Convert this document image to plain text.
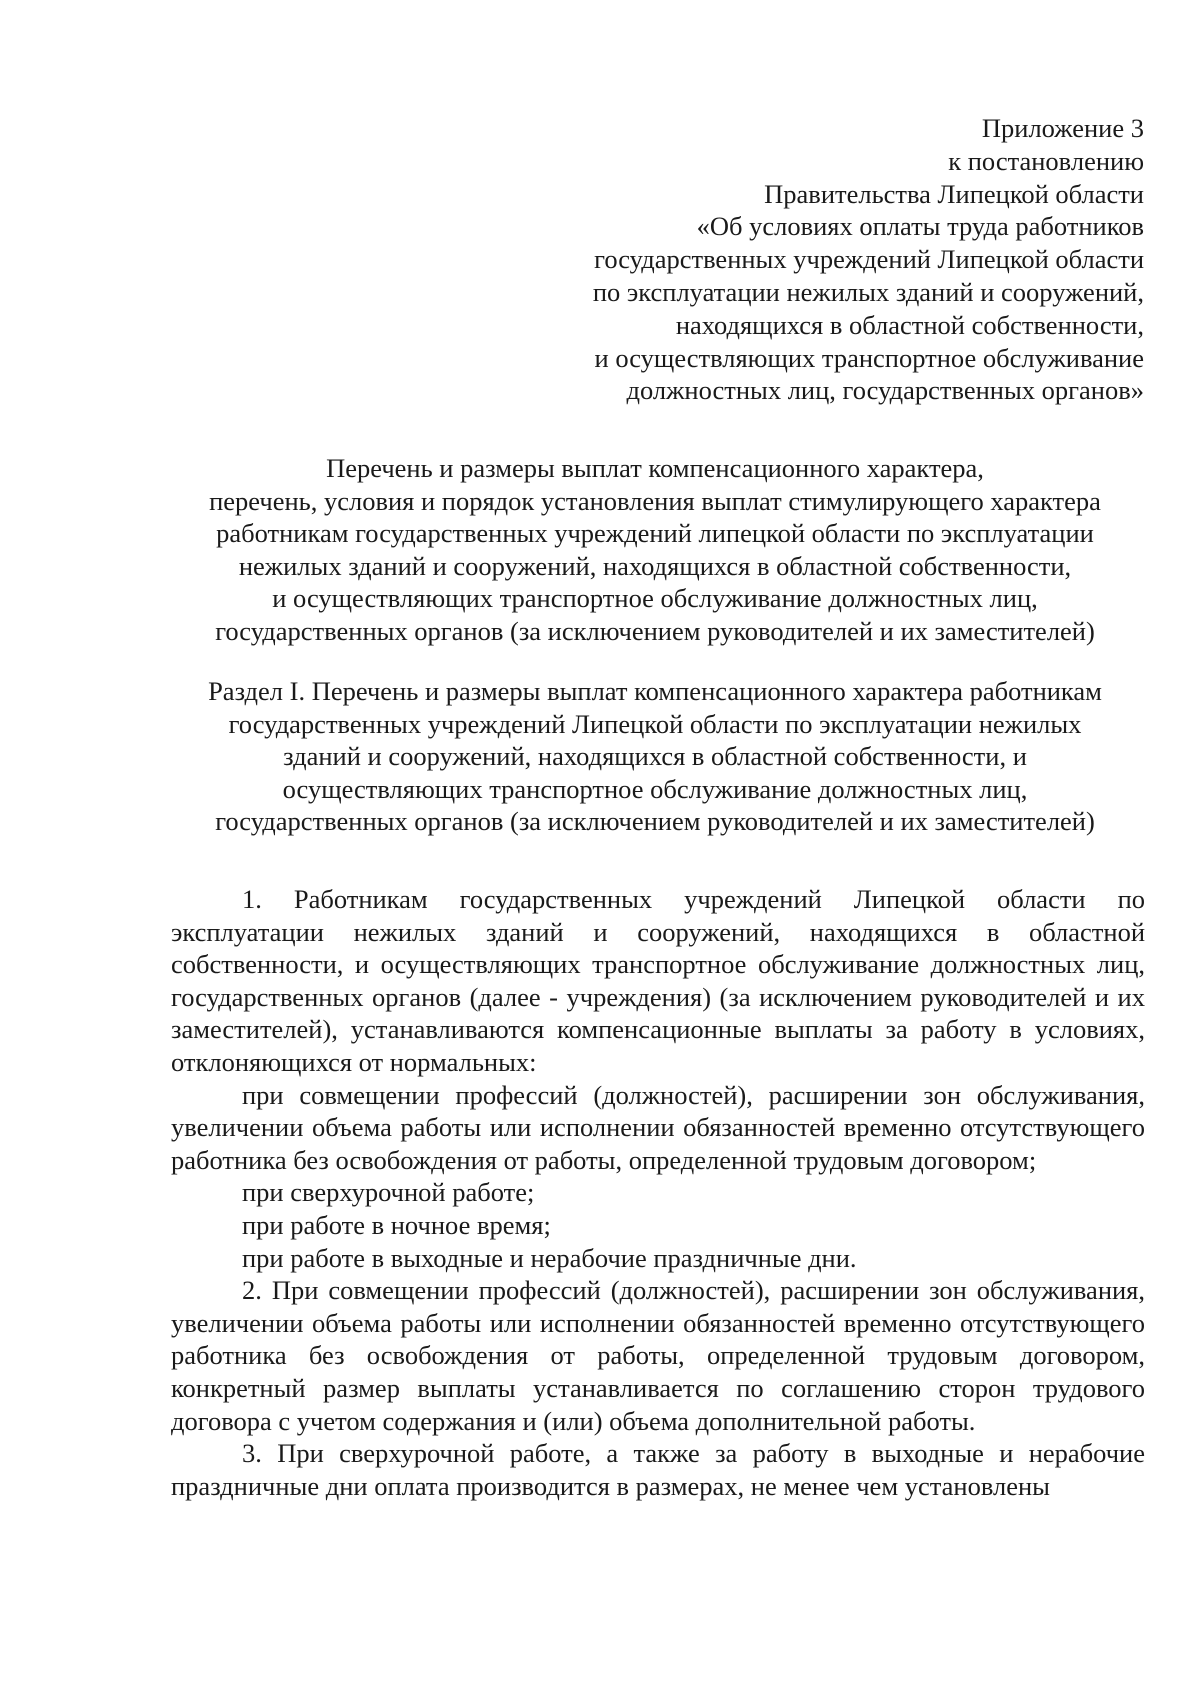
Приложение 3
к постановлению
Правительства Липецкой области
«Об условиях оплаты труда работников
государственных учреждений Липецкой области
по эксплуатации нежилых зданий и сооружений,
находящихся в областной собственности,
и осуществляющих транспортное обслуживание
должностных лиц, государственных органов»
Перечень и размеры выплат компенсационного характера,
перечень, условия и порядок установления выплат стимулирующего характера
работникам государственных учреждений липецкой области по эксплуатации
нежилых зданий и сооружений, находящихся в областной собственности,
и осуществляющих транспортное обслуживание должностных лиц,
государственных органов (за исключением руководителей и их заместителей)
Раздел I. Перечень и размеры выплат компенсационного характера работникам
государственных учреждений Липецкой области по эксплуатации нежилых
зданий и сооружений, находящихся в областной собственности, и
осуществляющих транспортное обслуживание должностных лиц,
государственных органов (за исключением руководителей и их заместителей)

1. Работникам государственных учреждений Липецкой области по эксплуатации нежилых зданий и сооружений, находящихся в областной собственности, и осуществляющих транспортное обслуживание должностных лиц, государственных органов (далее - учреждения) (за исключением руководителей и их заместителей), устанавливаются компенсационные выплаты за работу в условиях, отклоняющихся от нормальных:

при совмещении профессий (должностей), расширении зон обслуживания, увеличении объема работы или исполнении обязанностей временно отсутствующего работника без освобождения от работы, определенной трудовым договором;

при сверхурочной работе;

при работе в ночное время;

при работе в выходные и нерабочие праздничные дни.

2. При совмещении профессий (должностей), расширении зон обслуживания, увеличении объема работы или исполнении обязанностей временно отсутствующего работника без освобождения от работы, определенной трудовым договором, конкретный размер выплаты устанавливается по соглашению сторон трудового договора с учетом содержания и (или) объема дополнительной работы.

3. При сверхурочной работе, а также за работу в выходные и нерабочие праздничные дни оплата производится в размерах, не менее чем установлены
